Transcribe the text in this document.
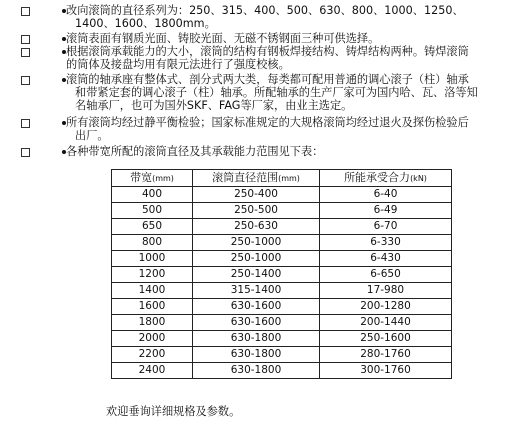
改向滚筒的直径系列为：250、315、400、500、630、800、1000、1250、
1400、1600、1800mm。
滚筒表面有钢质光面、铸胶光面、无磁不锈钢面三种可供选择。
根据滚筒承载能力的大小，滚筒的结构有钢板焊接结构、铸焊结构两种。铸焊滚筒
的筒体及接盘均用有限元法进行了强度校核。
滚筒的轴承座有整体式、剖分式两大类，每类都可配用普通的调心滚子（柱）轴承
和带紧定套的调心滚子（柱）轴承。所配轴承的生产厂家可为国内哈、瓦、洛等知
名轴承厂，也可为国外SKF、FAG等厂家，由业主选定。
所有滚筒均经过静平衡检验；国家标准规定的大规格滚筒均经过退火及探伤检验后
出厂。
各种带宽所配的滚筒直径及其承载能力范围见下表：
带宽(mm)	滚筒直径范围(mm)	所能承受合力(kN)
400	250-400	6-40
500	250-500	6-49
650	250-630	6-70
800	250-1000	6-330
1000	250-1000	6-430
1200	250-1400	6-650
1400	315-1400	17-980
1600	630-1600	200-1280
1800	630-1600	200-1440
2000	630-1800	250-1600
2200	630-1800	280-1760
2400	630-1800	300-1760
欢迎垂询详细规格及参数。
